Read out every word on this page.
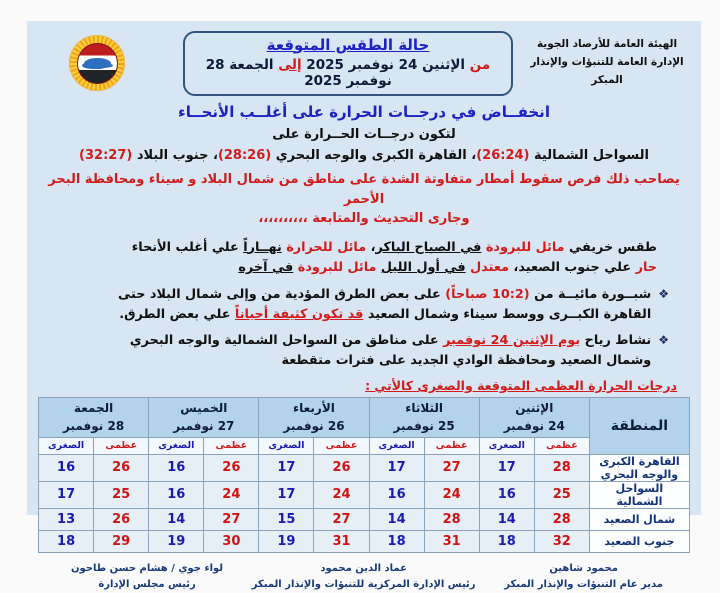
الهيئة العامة للأرصاد الجوية
الإدارة العامة للتنبؤات والإنذار المبكر
حالة الطقس المتوقعة
من الإثنين 24 نوفمبر 2025 إلى الجمعة 28 نوفمبر 2025
انخفــاض في درجــات الحرارة على أغلــب الأنحــاء
لتكون درجــات الحــرارة على
السواحل الشمالية (26:24)، القاهرة الكبرى والوجه البحري (28:26)، جنوب البلاد (32:27)
يصاحب ذلك فرص سقوط أمطار متفاوتة الشدة على مناطق من شمال البلاد و سيناء ومحافظة البحر الأحمر
وجارى التحديث والمتابعة ،،،،،،،،،،
طقس خريفي مائل للبرودة في الصباح الباكر، مائل للحرارة نهــاراً علي أغلب الأنحاء حار علي جنوب الصعيد، معتدل في أول الليل مائل للبرودة في آخره
❖
شبــورة مائيــة من (10:2 صباحاً) على بعض الطرق المؤدية من وإلى شمال البلاد حتى القاهرة الكبــرى ووسط سيناء وشمال الصعيد قد تكون كثيفة أحياناً علي بعض الطرق.
❖
نشاط رياح يوم الإثنين 24 نوفمبر على مناطق من السواحل الشمالية والوجه البحري وشمال الصعيد ومحافظة الوادي الجديد على فترات متقطعة
درجات الحرارة العظمى المتوقعة والصغرى كالأتي :
المنطقة	
الإثنين
24 نوفمبر

الثلاثاء
25 نوفمبر

الأربعاء
26 نوفمبر

الخميس
27 نوفمبر

الجمعة
28 نوفمبر

	عظمى	الصغرى	عظمى	الصغرى	عظمى	الصغرى	عظمى	الصغرى	عظمى	الصغرى
القاهرة الكبرى والوجه البحري	28	17	27	17	26	17	26	16	26	16
السواحل الشمالية	25	16	24	16	24	17	24	16	25	17
شمال الصعيد	28	14	28	14	27	15	27	14	26	13
جنوب الصعيد	32	18	31	18	31	19	30	19	29	18
محمود شاهين
مدير عام التنبؤات والإنذار المبكر
عماد الدين محمود
رئيس الإدارة المركزية للتنبؤات والإنذار المبكر
لواء جوي / هشام حسن طاحون
رئيس مجلس الإدارة
